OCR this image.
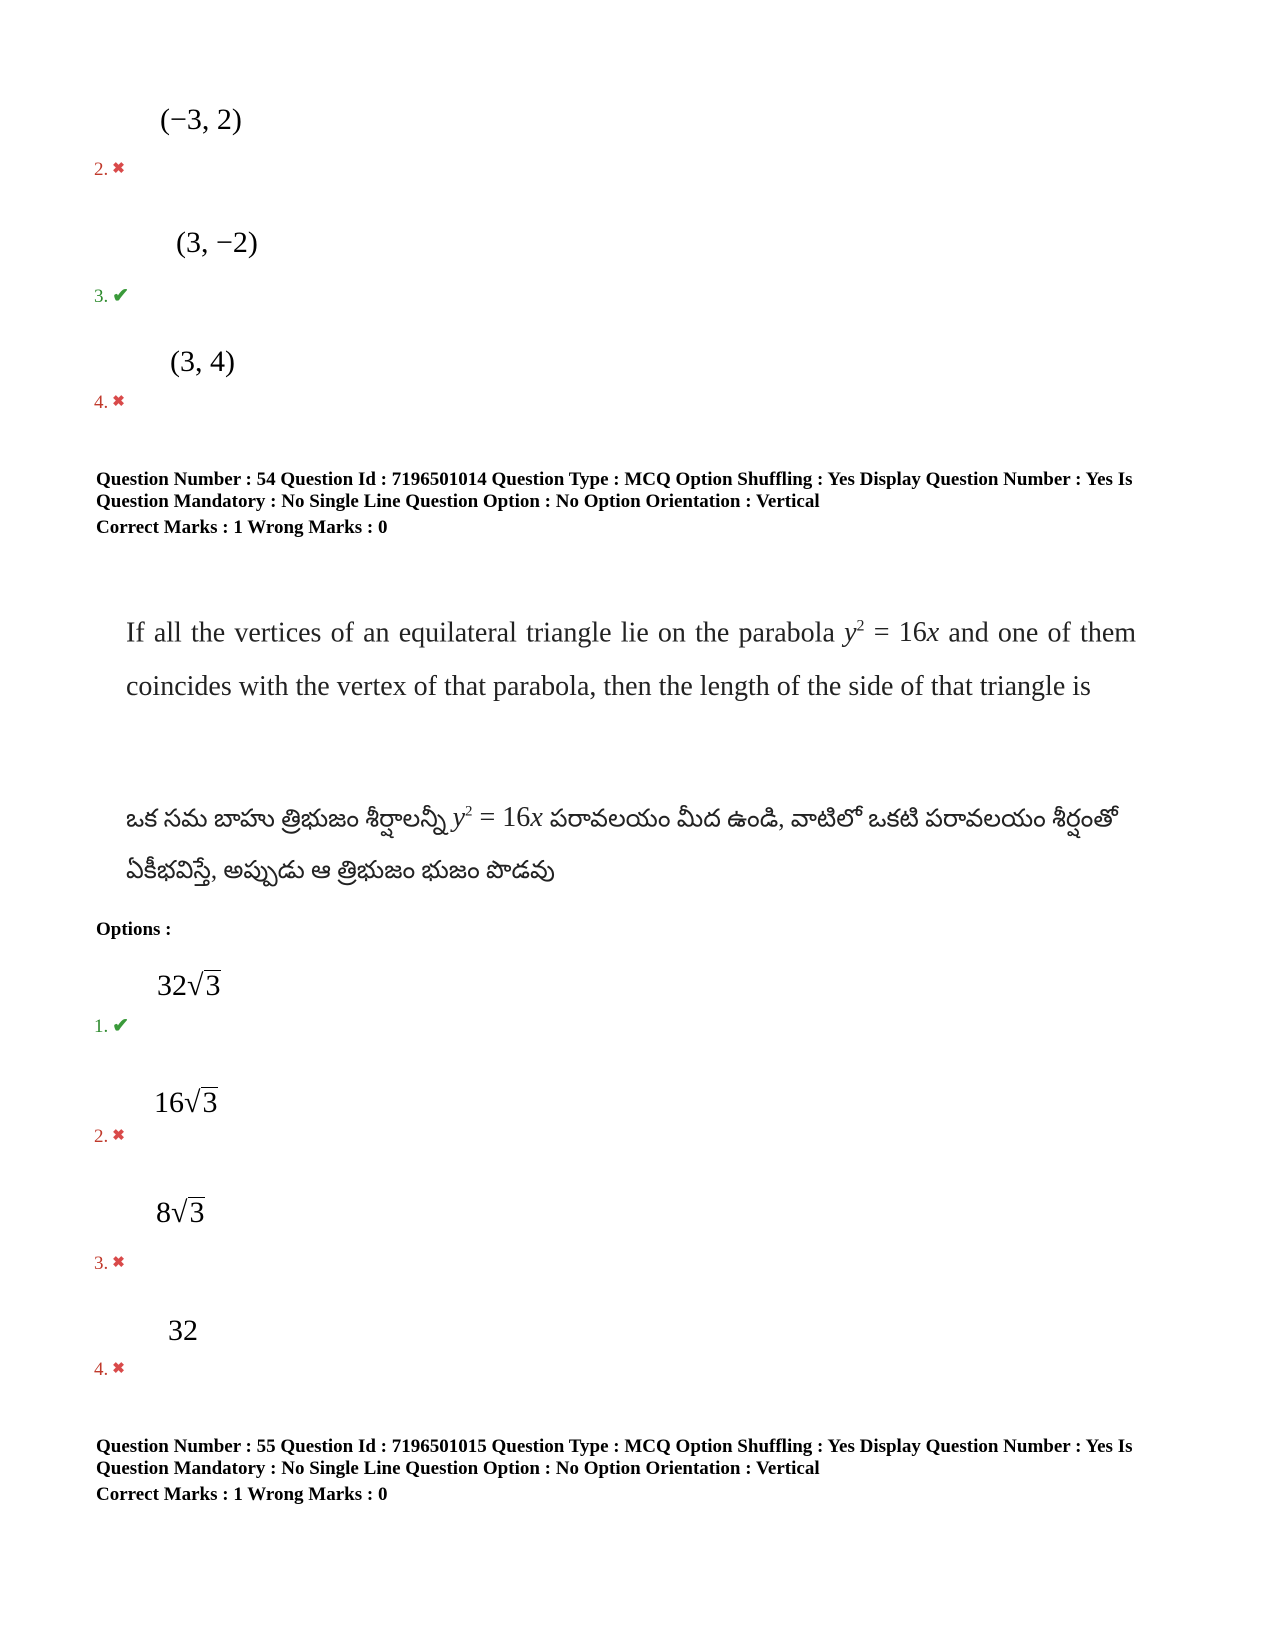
(−3, 2)
2. ✖
(3, −2)
3. ✔
(3, 4)
4. ✖
Question Number : 54 Question Id : 7196501014 Question Type : MCQ Option Shuffling : Yes Display Question Number : Yes Is
Question Mandatory : No Single Line Question Option : No Option Orientation : Vertical
Correct Marks : 1 Wrong Marks : 0
If all the vertices of an equilateral triangle lie on the parabola $y^2 = 16x$ and one of them coincides with the vertex of that parabola, then the length of the side of that triangle is
ఒక సమ బాహు త్రిభుజం శీర్షాలన్నీ $y^2 = 16x$ పరావలయం మీద ఉండి, వాటిలో ఒకటి పరావలయం శీర్షంతో ఏకీభవిస్తే, అప్పుడు ఆ త్రిభుజం భుజం పొడవు
Options :
32√3
1. ✔
16√3
2. ✖
8√3
3. ✖
32
4. ✖
Question Number : 55 Question Id : 7196501015 Question Type : MCQ Option Shuffling : Yes Display Question Number : Yes Is
Question Mandatory : No Single Line Question Option : No Option Orientation : Vertical
Correct Marks : 1 Wrong Marks : 0
